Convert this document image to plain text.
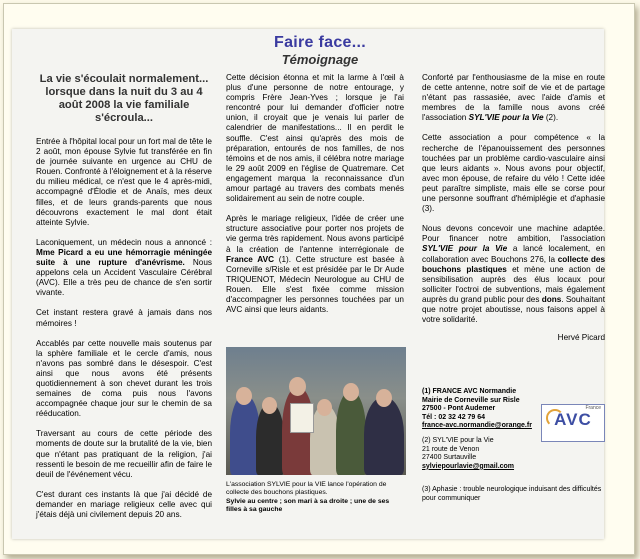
Faire face...
Témoignage
La vie s'écoulait normalement... lorsque dans la nuit du 3 au 4 août 2008 la vie familiale s'écroula...

Entrée à l'hôpital local pour un fort mal de tête le 2 août, mon épouse Sylvie fut transférée en fin de journée suivante en urgence au CHU de Rouen. Confronté à l'éloignement et à la réserve du milieu médical, ce n'est que le 4 après-midi, accompagné d'Élodie et de Anaïs, mes deux filles, et de leurs grands-parents que nous découvrons exactement le mal dont était atteinte Sylvie.

Laconiquement, un médecin nous a annoncé : Mme Picard a eu une hémorragie méningée suite à une rupture d'anévrisme. Nous appelons cela un Accident Vasculaire Cérébral (AVC). Elle a très peu de chance de s'en sortir vivante.

Cet instant restera gravé à jamais dans nos mémoires !

Accablés par cette nouvelle mais soutenus par la sphère familiale et le cercle d'amis, nous n'avons pas sombré dans le désespoir. C'est ainsi que nous avons été présents quotidiennement à son chevet durant les trois semaines de coma puis nous l'avons accompagnée chaque jour sur le chemin de sa rééducation.

Traversant au cours de cette période des moments de doute sur la brutalité de la vie, bien que n'étant pas pratiquant de la religion, j'ai ressenti le besoin de me recueillir afin de faire le deuil de l'événement vécu.

C'est durant ces instants là que j'ai décidé de demander en mariage religieux celle avec qui j'étais déjà uni civilement depuis 20 ans.

Cette décision étonna et mit la larme à l'œil à plus d'une personne de notre entourage, y compris Frère Jean-Yves ; lorsque je l'ai rencontré pour lui demander d'officier notre union, il croyait que je venais lui parler de calendrier de manifestations... Il en perdit le souffle. C'est ainsi qu'après des mois de préparation, entourés de nos familles, de nos témoins et de nos amis, il célébra notre mariage le 29 août 2009 en l'église de Quatremare. Cet engagement marqua la reconnaissance d'un amour partagé au travers des combats menés solidairement au sein de notre couple.

Après le mariage religieux, l'idée de créer une structure associative pour porter nos projets de vie germa très rapidement. Nous avons participé à la création de l'antenne interrégionale de France AVC (1). Cette structure est basée à Corneville s/Risle et est présidée par le Dr Aude TRIQUENOT, Médecin Neurologue au CHU de Rouen. Elle s'est fixée comme mission d'accompagner les personnes touchées par un AVC ainsi que leurs aidants.

L'association SYLVIE pour la VIE lance l'opération de collecte des bouchons plastiques.
Sylvie au centre ; son mari à sa droite ; une de ses filles à sa gauche

Conforté par l'enthousiasme de la mise en route de cette antenne, notre soif de vie et de partage n'étant pas rassasiée, avec l'aide d'amis et membres de la famille nous avons créé l'association SYL'VIE pour la Vie (2).

Cette association a pour compétence « la recherche de l'épanouissement des personnes touchées par un problème cardio-vasculaire ainsi que leurs aidants ». Nous avons pour objectif, avec mon épouse, de refaire du vélo ! Cette idée peut paraître simpliste, mais elle se corse pour une personne souffrant d'hémiplégie et d'aphasie (3).

Nous devons concevoir une machine adaptée. Pour financer notre ambition, l'association SYL'VIE pour la Vie a lancé localement, en collaboration avec Bouchons 276, la collecte des bouchons plastiques et mène une action de sensibilisation auprès des élus locaux pour solliciter l'octroi de subventions, mais également auprès du grand public pour des dons. Souhaitant que notre projet aboutisse, nous faisons appel à votre solidarité.

Hervé Picard

(1) FRANCE AVC Normandie
Mairie de Corneville sur Risle
27500 - Pont Audemer
Tél : 02 32 42 79 64
france-avc.normandie@orange.fr

(2) SYL'VIE pour la Vie
21 route de Venon
27400 Surtauville
sylviepourlavie@gmail.com

France
AVC
(3) Aphasie : trouble neurologique induisant des difficultés pour communiquer
